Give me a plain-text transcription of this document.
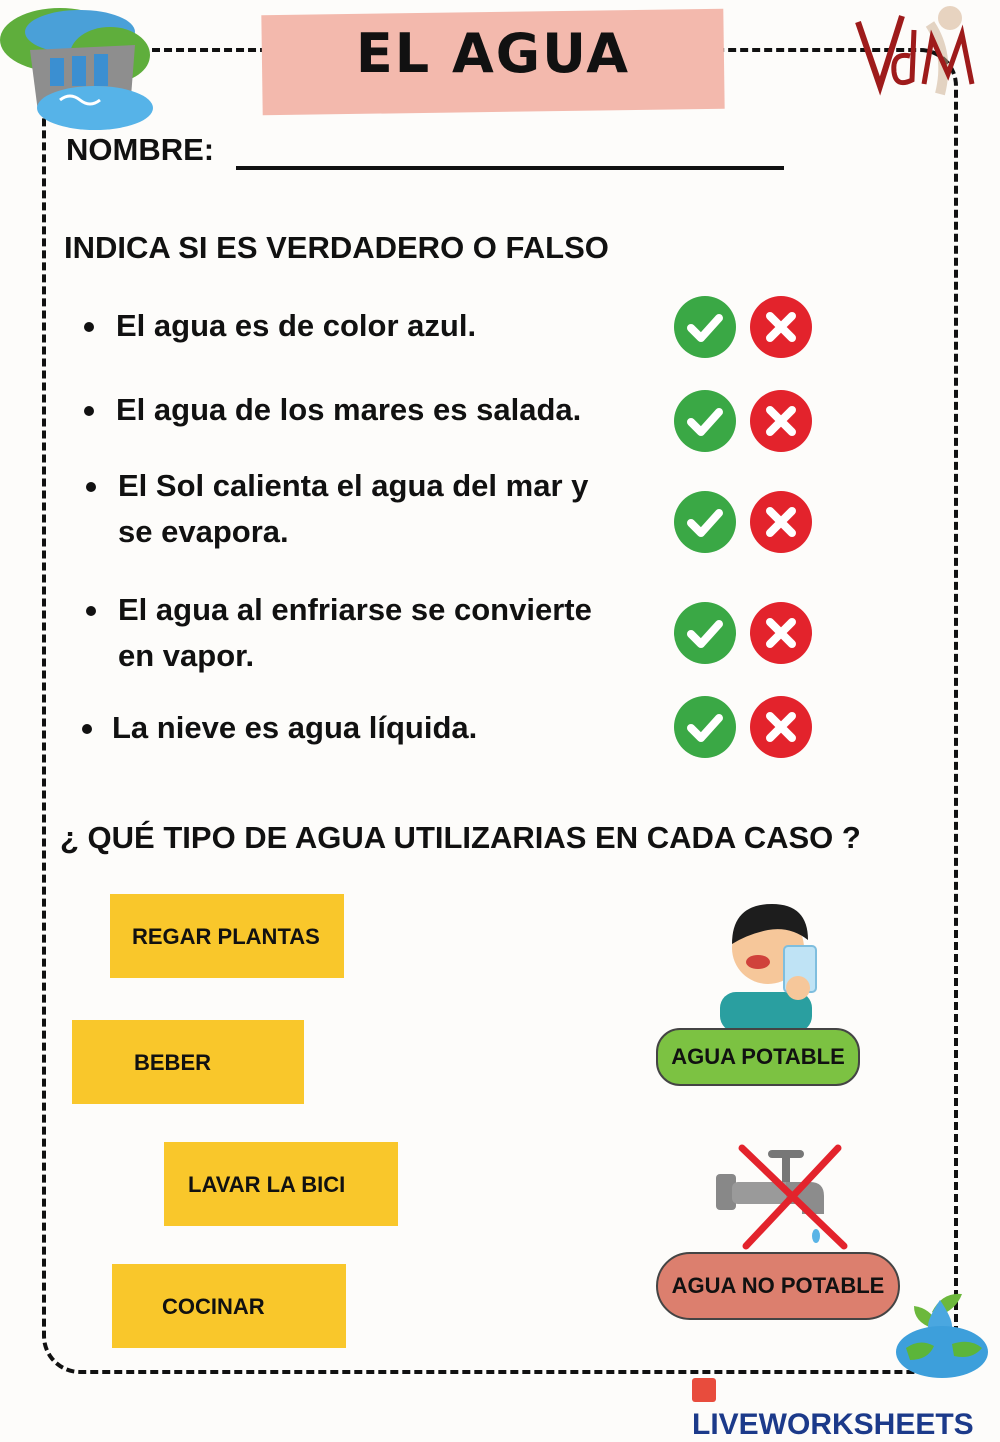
EL AGUA
NOMBRE:
INDICA SI ES VERDADERO O FALSO
El agua es de color azul.
El agua de los mares es salada.
El Sol calienta el agua del mar y
se evapora.
El agua al enfriarse se convierte
en vapor.
La nieve es agua líquida.
¿ QUÉ TIPO DE AGUA UTILIZARIAS EN CADA CASO ?
REGAR PLANTAS
BEBER
LAVAR LA BICI
COCINAR
AGUA POTABLE
AGUA NO POTABLE
LIVEWORKSHEETS
